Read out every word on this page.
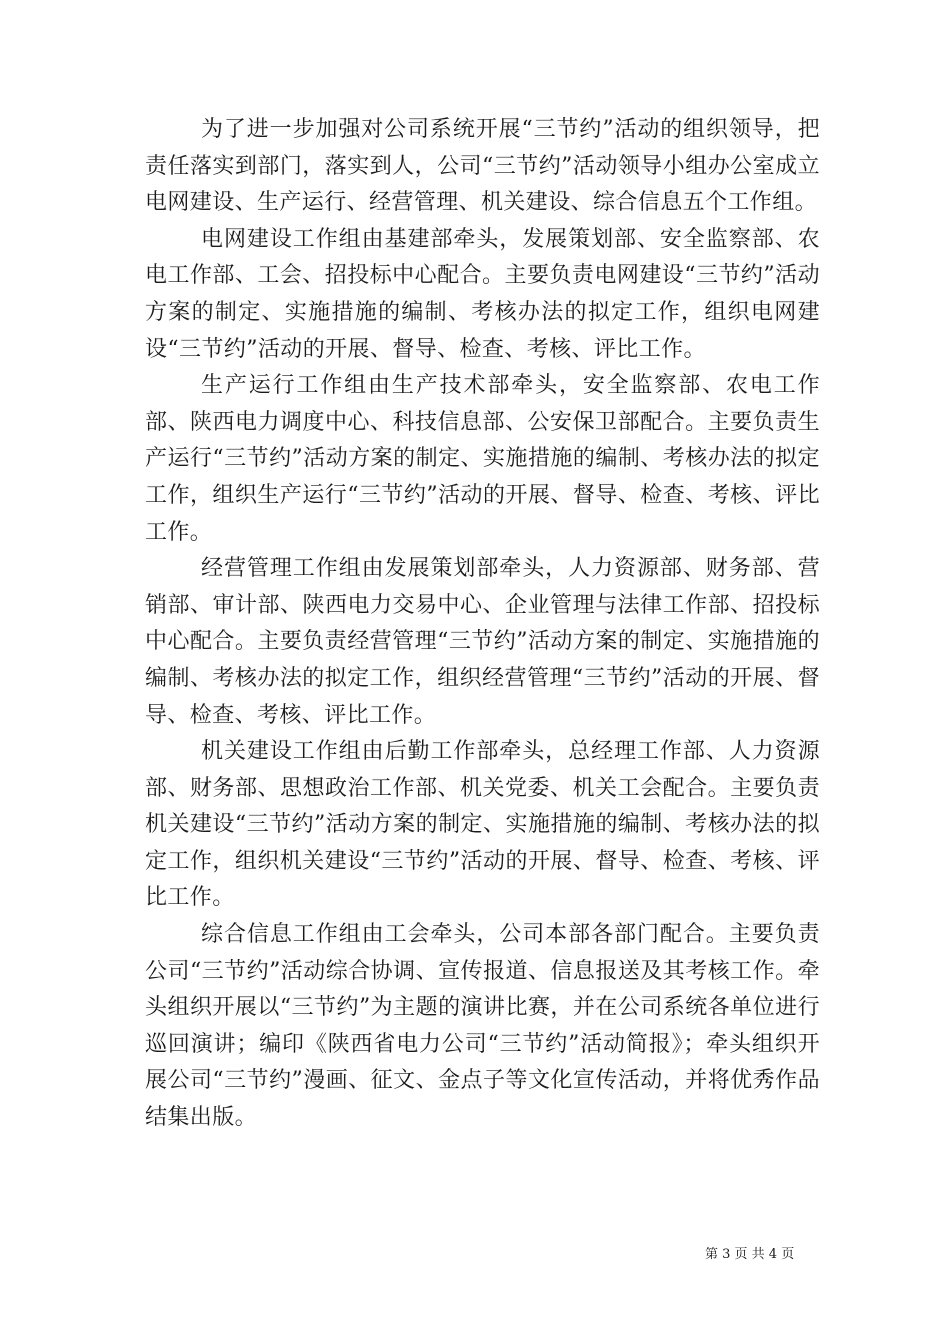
为了进一步加强对公司系统开展“三节约”活动的组织领导，把责任落实到部门，落实到人，公司“三节约”活动领导小组办公室成立电网建设、生产运行、经营管理、机关建设、综合信息五个工作组。

电网建设工作组由基建部牵头，发展策划部、安全监察部、农电工作部、工会、招投标中心配合。主要负责电网建设“三节约”活动方案的制定、实施措施的编制、考核办法的拟定工作，组织电网建设“三节约”活动的开展、督导、检查、考核、评比工作。

生产运行工作组由生产技术部牵头，安全监察部、农电工作部、陕西电力调度中心、科技信息部、公安保卫部配合。主要负责生产运行“三节约”活动方案的制定、实施措施的编制、考核办法的拟定工作，组织生产运行“三节约”活动的开展、督导、检查、考核、评比工作。

经营管理工作组由发展策划部牵头，人力资源部、财务部、营销部、审计部、陕西电力交易中心、企业管理与法律工作部、招投标中心配合。主要负责经营管理“三节约”活动方案的制定、实施措施的编制、考核办法的拟定工作，组织经营管理“三节约”活动的开展、督导、检查、考核、评比工作。

机关建设工作组由后勤工作部牵头，总经理工作部、人力资源部、财务部、思想政治工作部、机关党委、机关工会配合。主要负责机关建设“三节约”活动方案的制定、实施措施的编制、考核办法的拟定工作，组织机关建设“三节约”活动的开展、督导、检查、考核、评比工作。

综合信息工作组由工会牵头，公司本部各部门配合。主要负责公司“三节约”活动综合协调、宣传报道、信息报送及其考核工作。牵头组织开展以“三节约”为主题的演讲比赛，并在公司系统各单位进行巡回演讲；编印《陕西省电力公司“三节约”活动简报》；牵头组织开展公司“三节约”漫画、征文、金点子等文化宣传活动，并将优秀作品结集出版。

第 3 页 共 4 页
